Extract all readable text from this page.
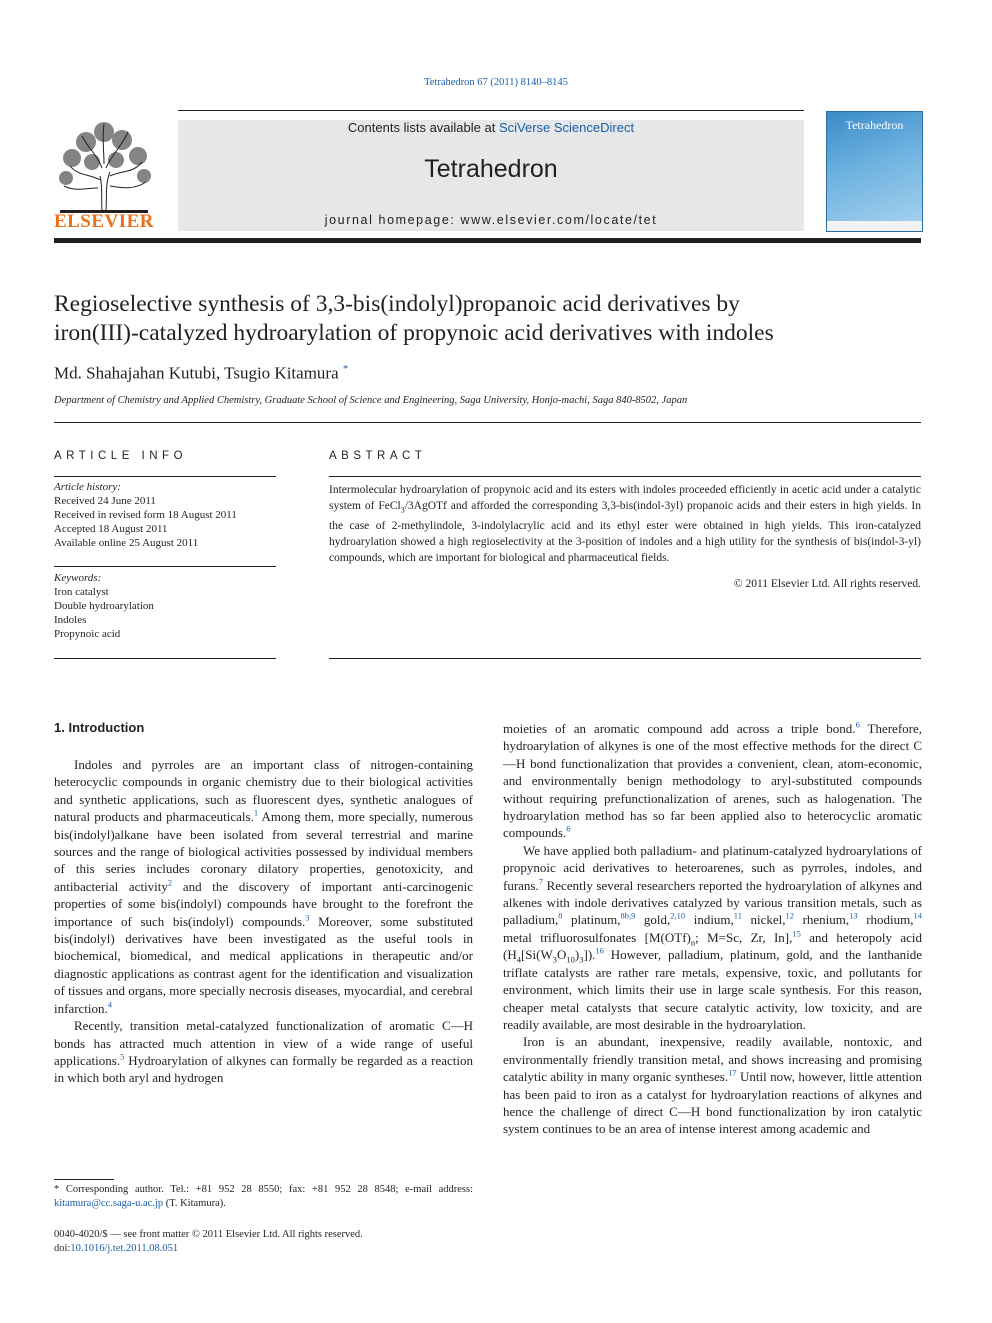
Tetrahedron 67 (2011) 8140–8145
ELSEVIER
Contents lists available at SciVerse ScienceDirect
Tetrahedron
journal homepage: www.elsevier.com/locate/tet
Tetrahedron
Regioselective synthesis of 3,3-bis(indolyl)propanoic acid derivatives by
iron(III)-catalyzed hydroarylation of propynoic acid derivatives with indoles
Md. Shahajahan Kutubi, Tsugio Kitamura *
Department of Chemistry and Applied Chemistry, Graduate School of Science and Engineering, Saga University, Honjo-machi, Saga 840-8502, Japan
ARTICLE INFO
Article history:
Received 24 June 2011
Received in revised form 18 August 2011
Accepted 18 August 2011
Available online 25 August 2011
Keywords:
Iron catalyst
Double hydroarylation
Indoles
Propynoic acid
ABSTRACT
Intermolecular hydroarylation of propynoic acid and its esters with indoles proceeded efficiently in acetic acid under a catalytic system of FeCl$_3$/3AgOTf and afforded the corresponding 3,3-bis(indol-3yl) propanoic acids and their esters in high yields. In the case of 2-methylindole, 3-indolylacrylic acid and its ethyl ester were obtained in high yields. This iron-catalyzed hydroarylation showed a high regioselectivity at the 3-position of indoles and a high utility for the synthesis of bis(indol-3-yl) compounds, which are important for biological and pharmaceutical fields.
© 2011 Elsevier Ltd. All rights reserved.
1. Introduction

Indoles and pyrroles are an important class of nitrogen-containing heterocyclic compounds in organic chemistry due to their biological activities and synthetic applications, such as fluorescent dyes, synthetic analogues of natural products and pharmaceuticals.$^1$ Among them, more specially, numerous bis(indolyl)alkane have been isolated from several terrestrial and marine sources and the range of biological activities possessed by individual members of this series includes coronary dilatory properties, genotoxicity, and antibacterial activity$^2$ and the discovery of important anti-carcinogenic properties of some bis(indolyl) compounds have brought to the forefront the importance of such bis(indolyl) compounds.$^3$ Moreover, some substituted bis(indolyl) derivatives have been investigated as the useful tools in biochemical, biomedical, and medical applications in therapeutic and/or diagnostic applications as contrast agent for the identification and visualization of tissues and organs, more specially necrosis diseases, myocardial, and cerebral infarction.$^4$

Recently, transition metal-catalyzed functionalization of aromatic C—H bonds has attracted much attention in view of a wide range of useful applications.$^5$ Hydroarylation of alkynes can formally be regarded as a reaction in which both aryl and hydrogen

moieties of an aromatic compound add across a triple bond.$^6$ Therefore, hydroarylation of alkynes is one of the most effective methods for the direct C—H bond functionalization that provides a convenient, clean, atom-economic, and environmentally benign methodology to aryl-substituted compounds without requiring prefunctionalization of arenes, such as halogenation. The hydroarylation method has so far been applied also to heterocyclic aromatic compounds.$^6$

We have applied both palladium- and platinum-catalyzed hydroarylations of propynoic acid derivatives to heteroarenes, such as pyrroles, indoles, and furans.$^7$ Recently several researchers reported the hydroarylation of alkynes and alkenes with indole derivatives catalyzed by various transition metals, such as palladium,$^8$ platinum,$^{8b,9}$ gold,$^{2,10}$ indium,$^{11}$ nickel,$^{12}$ rhenium,$^{13}$ rhodium,$^{14}$ metal trifluorosulfonates [$M(OTf)_n$; M=Sc, Zr, In],$^{15}$ and heteropoly acid $(H_4[Si(W_3O_{10})_3]).^{16}$ However, palladium, platinum, gold, and the lanthanide triflate catalysts are rather rare metals, expensive, toxic, and pollutants for environment, which limits their use in large scale synthesis. For this reason, cheaper metal catalysts that secure catalytic activity, low toxicity, and are readily available, are most desirable in the hydroarylation.

Iron is an abundant, inexpensive, readily available, nontoxic, and environmentally friendly transition metal, and shows increasing and promising catalytic ability in many organic syntheses.$^{17}$ Until now, however, little attention has been paid to iron as a catalyst for hydroarylation reactions of alkynes and hence the challenge of direct C—H bond functionalization by iron catalytic system continues to be an area of intense interest among academic and

* Corresponding author. Tel.: +81 952 28 8550; fax: +81 952 28 8548; e-mail address: kitamura@cc.saga-u.ac.jp (T. Kitamura).
0040-4020/$ — see front matter © 2011 Elsevier Ltd. All rights reserved.
doi:10.1016/j.tet.2011.08.051
